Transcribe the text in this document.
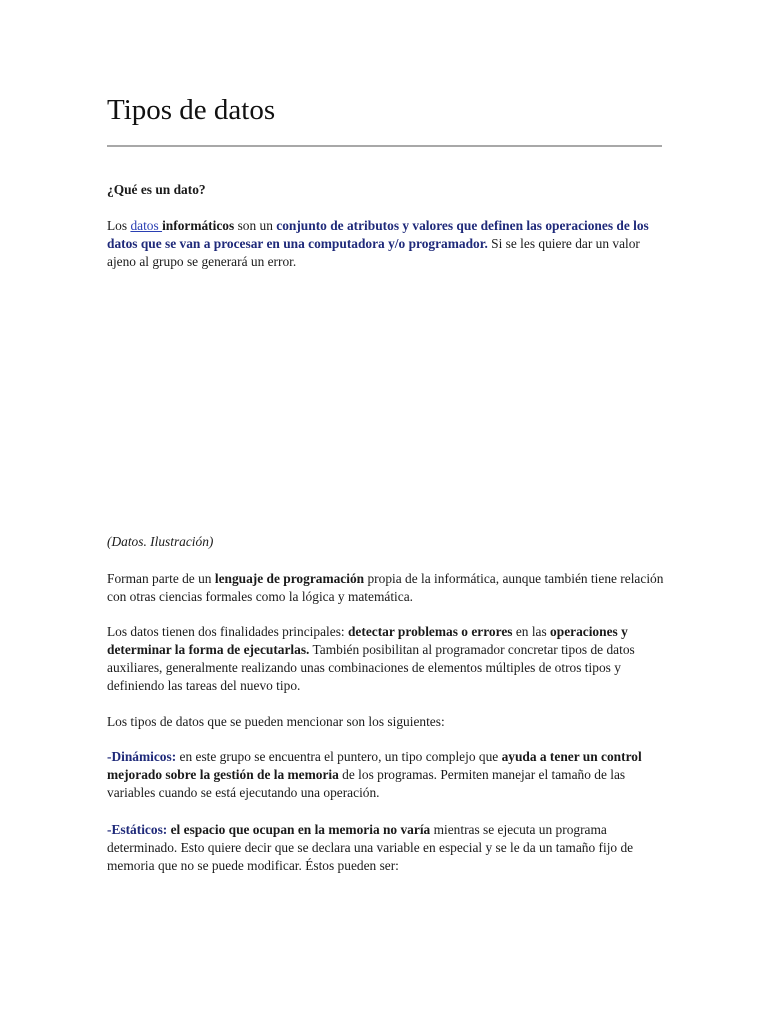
Tipos de datos
¿Qué es un dato?
Los datos informáticos son un conjunto de atributos y valores que definen las operaciones de los datos que se van a procesar en una computadora y/o programador. Si se les quiere dar un valor ajeno al grupo se generará un error.
(Datos. Ilustración)
Forman parte de un lenguaje de programación propia de la informática, aunque también tiene relación con otras ciencias formales como la lógica y matemática.
Los datos tienen dos finalidades principales: detectar problemas o errores en las operaciones y determinar la forma de ejecutarlas. También posibilitan al programador concretar tipos de datos auxiliares, generalmente realizando unas combinaciones de elementos múltiples de otros tipos y definiendo las tareas del nuevo tipo.
Los tipos de datos que se pueden mencionar son los siguientes:
-Dinámicos: en este grupo se encuentra el puntero, un tipo complejo que ayuda a tener un control mejorado sobre la gestión de la memoria de los programas. Permiten manejar el tamaño de las variables cuando se está ejecutando una operación.
-Estáticos: el espacio que ocupan en la memoria no varía mientras se ejecuta un programa determinado. Esto quiere decir que se declara una variable en especial y se le da un tamaño fijo de memoria que no se puede modificar. Éstos pueden ser:
